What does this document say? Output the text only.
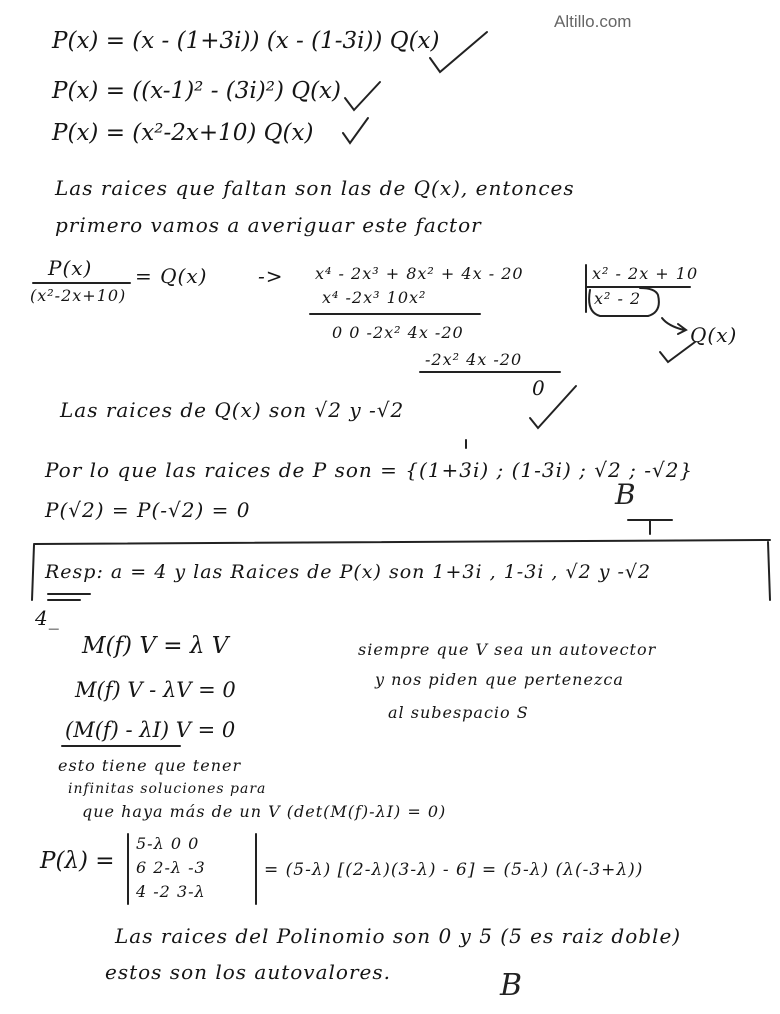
Altillo.com
P(x) = (x - (1+3i)) (x - (1-3i)) Q(x)
P(x) = ((x-1)² - (3i)²) Q(x)
P(x) = (x²-2x+10) Q(x)
Las raices que faltan son las de Q(x), entonces
primero vamos a averiguar este factor
P(x)
(x²-2x+10)
= Q(x)	-> x⁴ - 2x³ + 8x² + 4x - 20	x² - 2x + 10
x⁴ -2x³ 10x²	x² - 2
0 0 -2x² 4x -20
-2x² 4x -20
Q(x)
0
Las raices de Q(x) son √2 y -√2
Por lo que las raices de P son = {(1+3i) ; (1-3i) ; √2 ; -√2}
P(√2) = P(-√2) = 0	B
Resp: a = 4 y las Raices de P(x) son 1+3i , 1-3i , √2 y -√2
4_
M(f) V = λ V
M(f) V - λV = 0
(M(f) - λI) V = 0
siempre que V sea un autovector
y nos piden que pertenezca
al subespacio S
esto tiene que tener
infinitas soluciones para
que haya más de un V (det(M(f)-λI) = 0)
P(λ) =
5-λ 0 0
6 2-λ -3
4 -2 3-λ
= (5-λ) [(2-λ)(3-λ) - 6] = (5-λ) (λ(-3+λ))
Las raices del Polinomio son 0 y 5 (5 es raiz doble)
estos son los autovalores.	B
